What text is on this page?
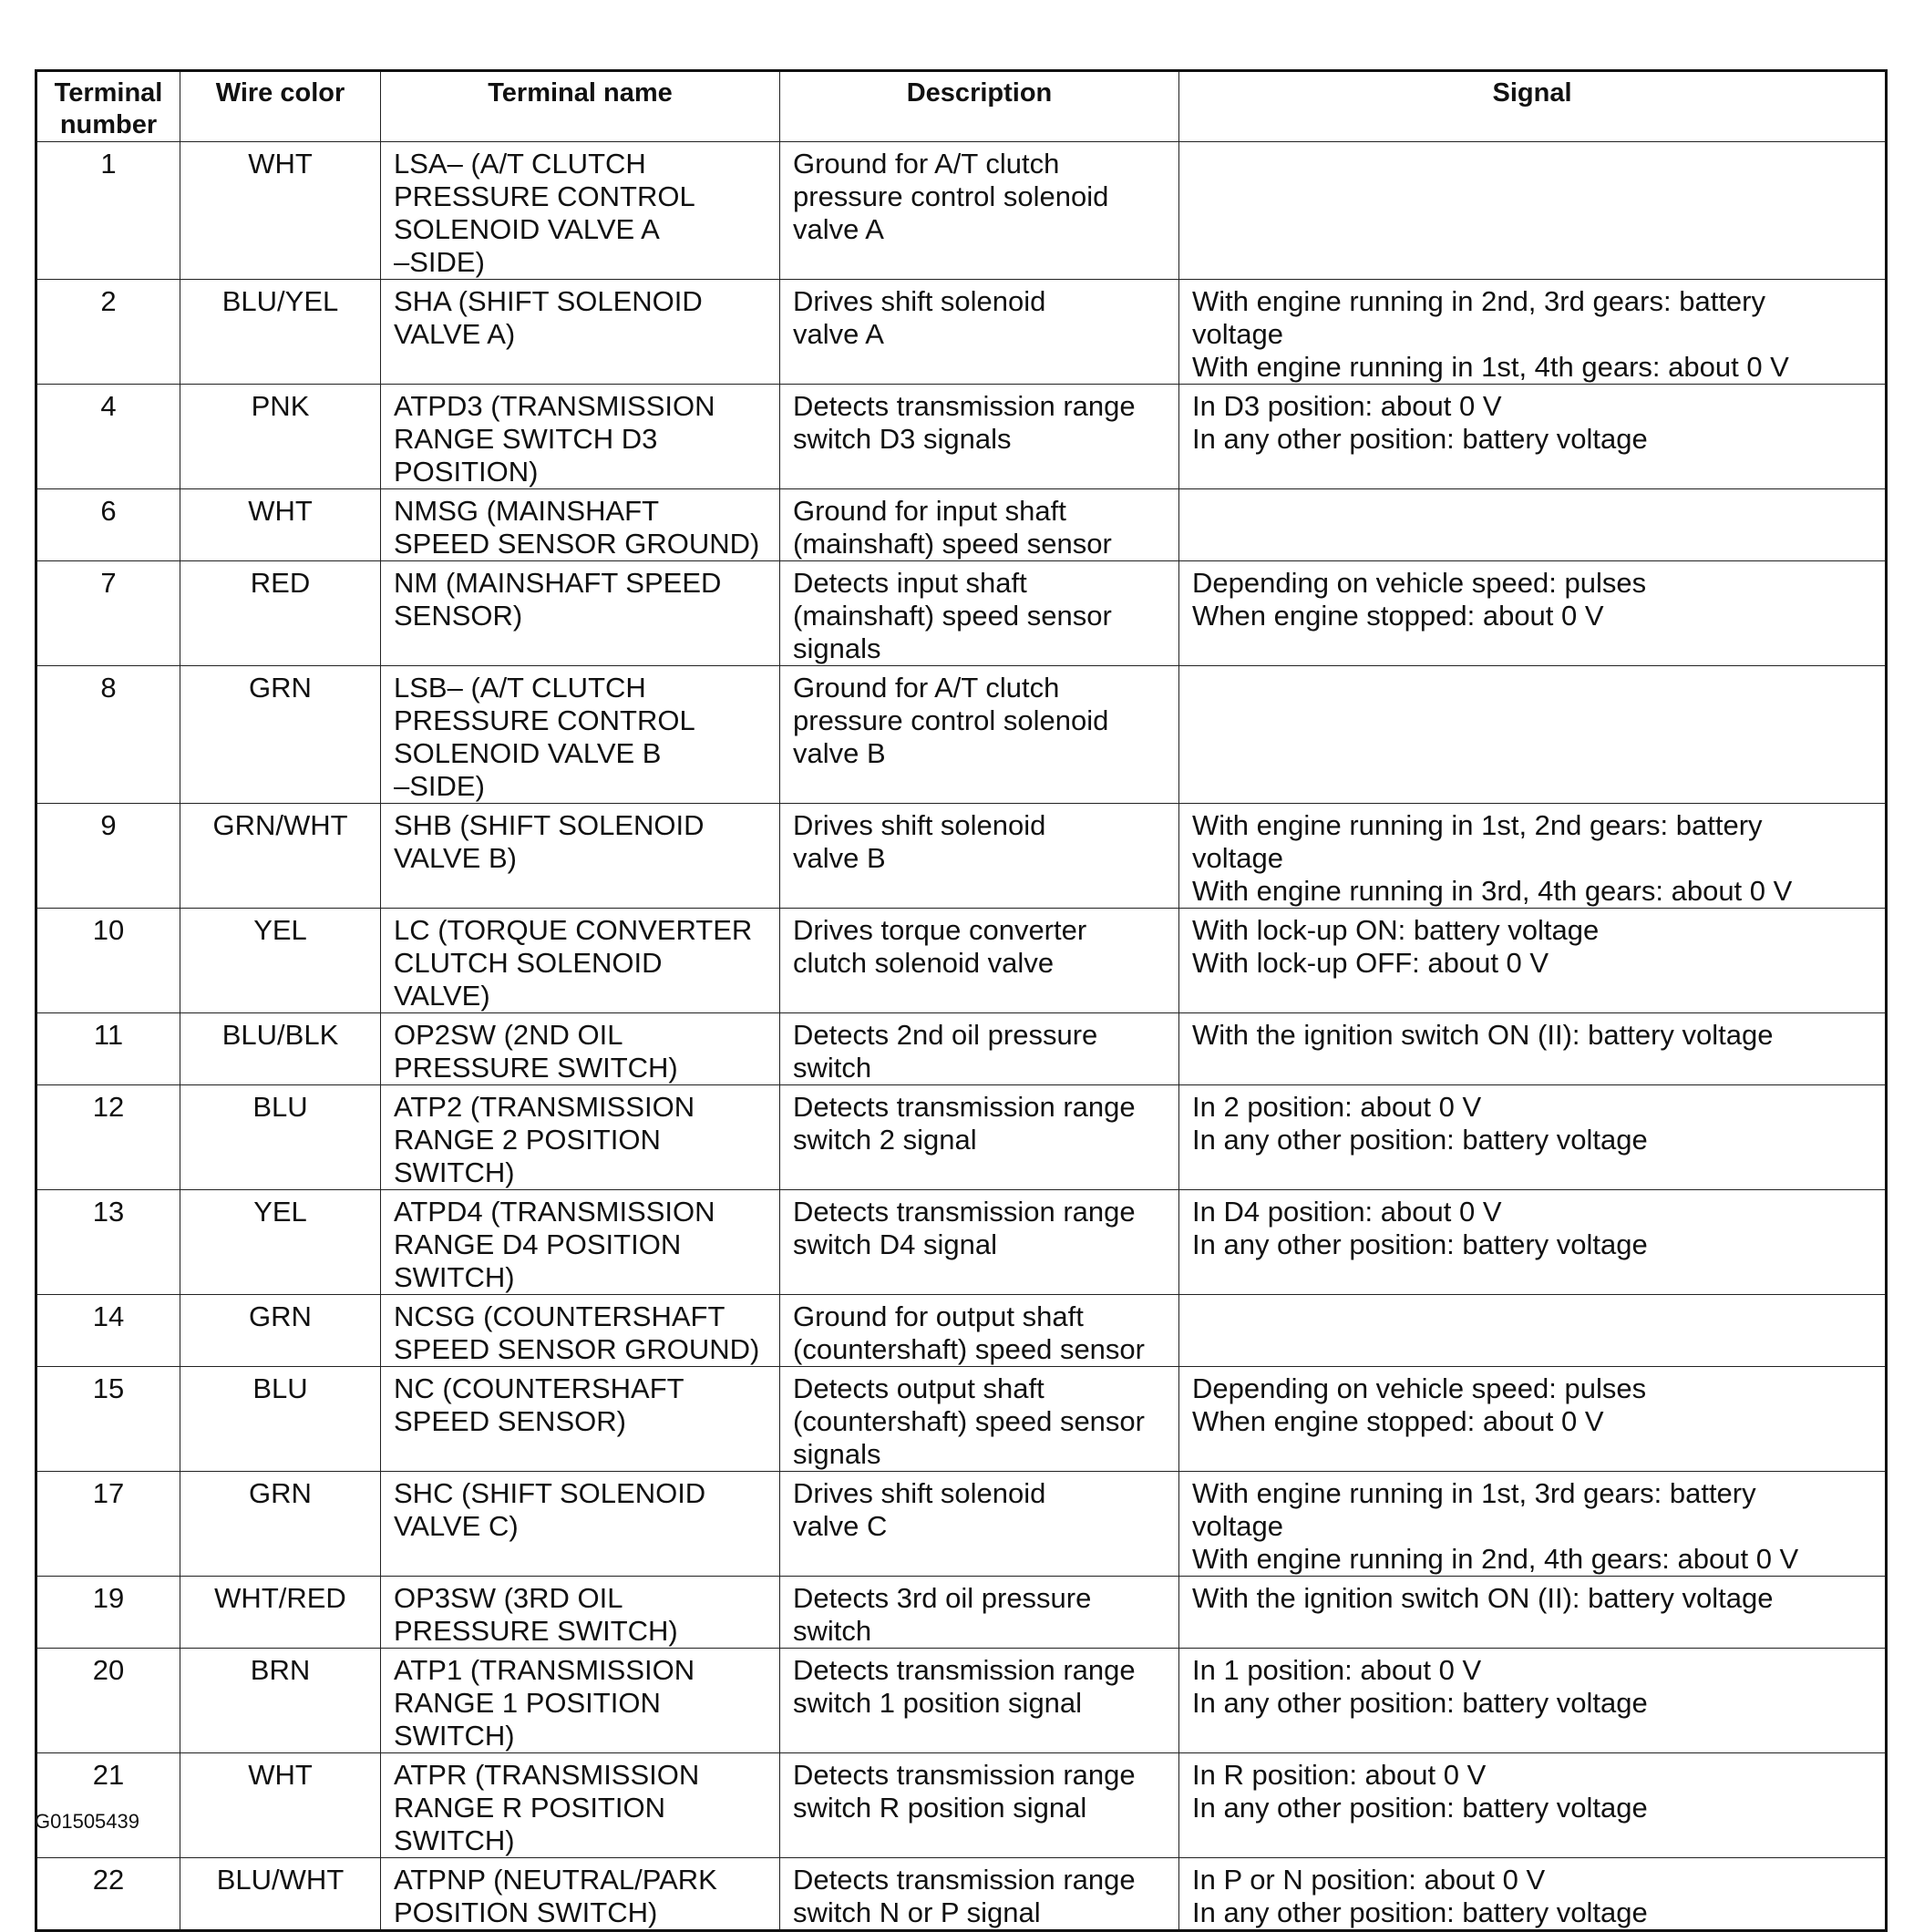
Terminal
number	Wire color	Terminal name	Description	Signal
1	WHT	LSA– (A/T CLUTCH
PRESSURE CONTROL
SOLENOID VALVE A
–SIDE)	Ground for A/T clutch
pressure control solenoid
valve A	

2	BLU/YEL	SHA (SHIFT SOLENOID
VALVE A)	Drives shift solenoid
valve A	With engine running in 2nd, 3rd gears: battery
voltage
With engine running in 1st, 4th gears: about 0 V

4	PNK	ATPD3 (TRANSMISSION
RANGE SWITCH D3
POSITION)	Detects transmission range
switch D3 signals	In D3 position: about 0 V
In any other position: battery voltage

6	WHT	NMSG (MAINSHAFT
SPEED SENSOR GROUND)	Ground for input shaft
(mainshaft) speed sensor	

7	RED	NM (MAINSHAFT SPEED
SENSOR)	Detects input shaft
(mainshaft) speed sensor
signals	Depending on vehicle speed: pulses
When engine stopped: about 0 V

8	GRN	LSB– (A/T CLUTCH
PRESSURE CONTROL
SOLENOID VALVE B
–SIDE)	Ground for A/T clutch
pressure control solenoid
valve B	

9	GRN/WHT	SHB (SHIFT SOLENOID
VALVE B)	Drives shift solenoid
valve B	With engine running in 1st, 2nd gears: battery
voltage
With engine running in 3rd, 4th gears: about 0 V

10	YEL	LC (TORQUE CONVERTER
CLUTCH SOLENOID
VALVE)	Drives torque converter
clutch solenoid valve	With lock-up ON: battery voltage
With lock-up OFF: about 0 V

11	BLU/BLK	OP2SW (2ND OIL
PRESSURE SWITCH)	Detects 2nd oil pressure
switch	With the ignition switch ON (II): battery voltage

12	BLU	ATP2 (TRANSMISSION
RANGE 2 POSITION
SWITCH)	Detects transmission range
switch 2 signal	In 2 position: about 0 V
In any other position: battery voltage

13	YEL	ATPD4 (TRANSMISSION
RANGE D4 POSITION
SWITCH)	Detects transmission range
switch D4 signal	In D4 position: about 0 V
In any other position: battery voltage

14	GRN	NCSG (COUNTERSHAFT
SPEED SENSOR GROUND)	Ground for output shaft
(countershaft) speed sensor	

15	BLU	NC (COUNTERSHAFT
SPEED SENSOR)	Detects output shaft
(countershaft) speed sensor
signals	Depending on vehicle speed: pulses
When engine stopped: about 0 V

17	GRN	SHC (SHIFT SOLENOID
VALVE C)	Drives shift solenoid
valve C	With engine running in 1st, 3rd gears: battery
voltage
With engine running in 2nd, 4th gears: about 0 V

19	WHT/RED	OP3SW (3RD OIL
PRESSURE SWITCH)	Detects 3rd oil pressure
switch	With the ignition switch ON (II): battery voltage

20	BRN	ATP1 (TRANSMISSION
RANGE 1 POSITION
SWITCH)	Detects transmission range
switch 1 position signal	In 1 position: about 0 V
In any other position: battery voltage

21	WHT	ATPR (TRANSMISSION
RANGE R POSITION
SWITCH)	Detects transmission range
switch R position signal	In R position: about 0 V
In any other position: battery voltage

22	BLU/WHT	ATPNP (NEUTRAL/PARK
POSITION SWITCH)	Detects transmission range
switch N or P signal	In P or N position: about 0 V
In any other position: battery voltage
G01505439
